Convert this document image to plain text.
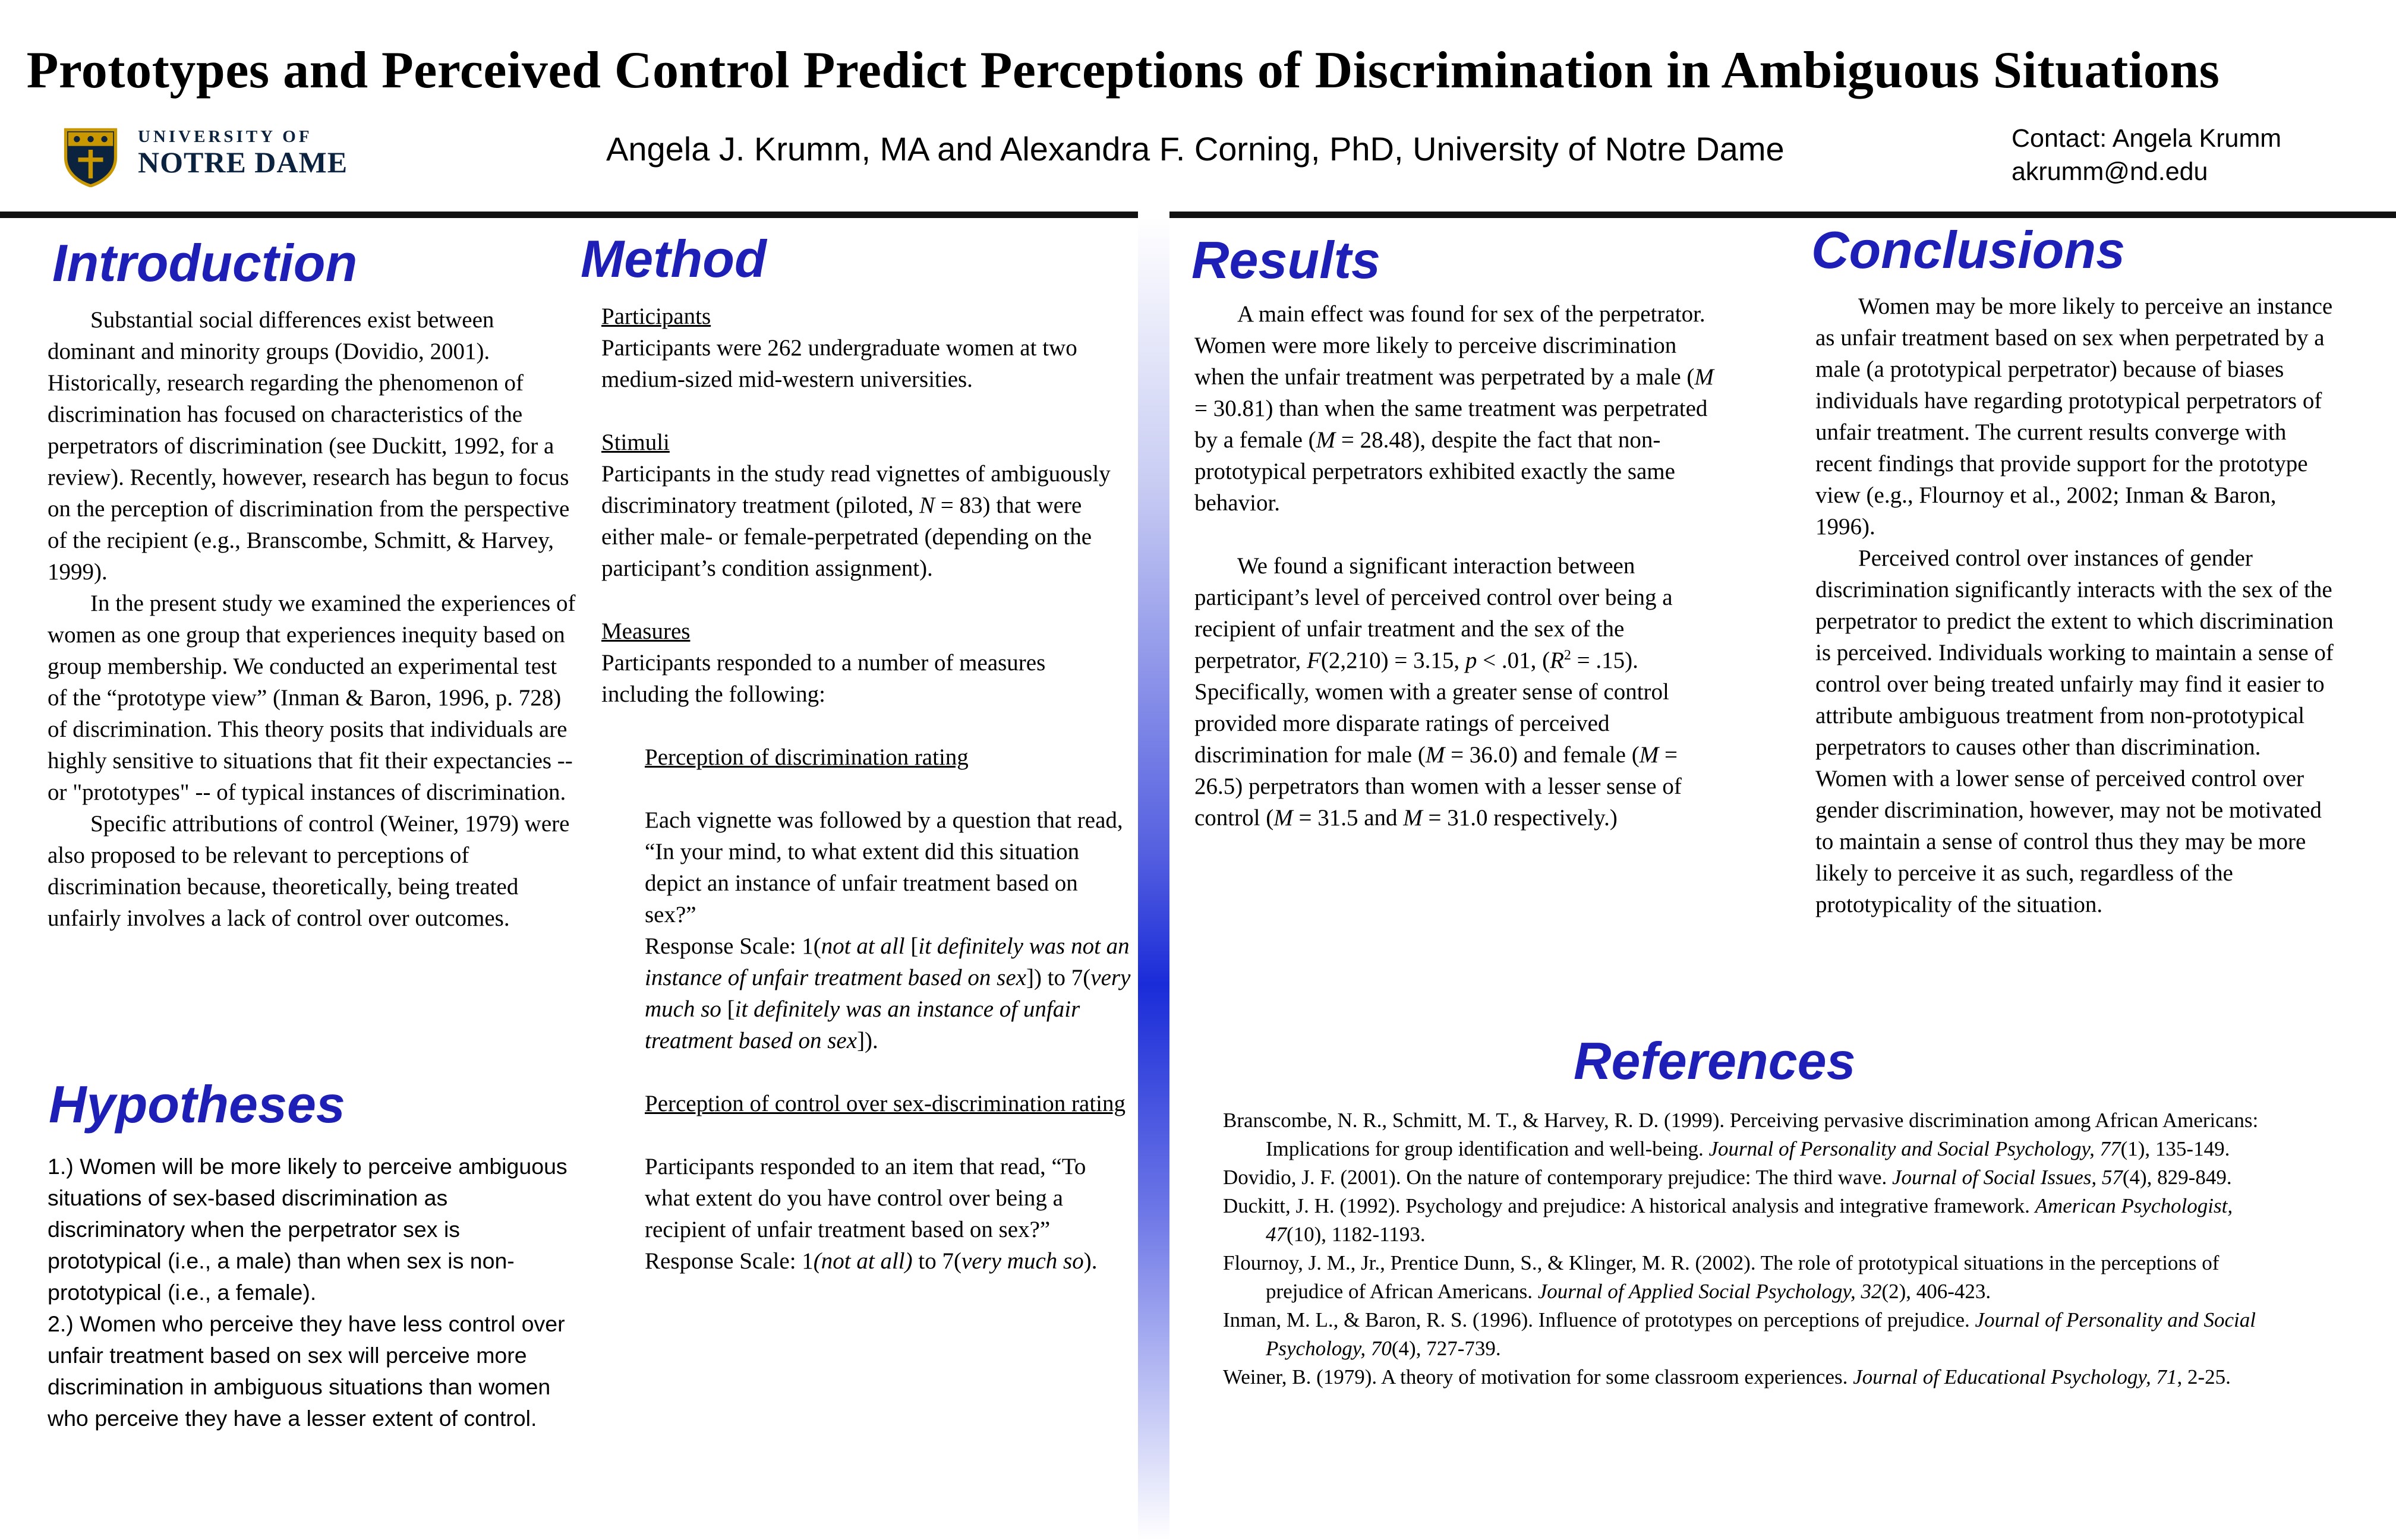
Prototypes and Perceived Control Predict Perceptions of Discrimination in Ambiguous Situations
UNIVERSITY OF
NOTRE DAME	Angela J. Krumm, MA and Alexandra F. Corning, PhD, University of Notre Dame	Contact: Angela Krumm
akrumm@nd.edu
Introduction

Substantial social differences exist between dominant and minority groups (Dovidio, 2001). Historically, research regarding the phenomenon of discrimination has focused on characteristics of the perpetrators of discrimination (see Duckitt, 1992, for a review). Recently, however, research has begun to focus on the perception of discrimination from the perspective of the recipient (e.g., Branscombe, Schmitt, & Harvey, 1999).

In the present study we examined the experiences of women as one group that experiences inequity based on group membership. We conducted an experimental test of the “prototype view” (Inman & Baron, 1996, p. 728) of discrimination. This theory posits that individuals are highly sensitive to situations that fit their expectancies -- or "prototypes" -- of typical instances of discrimination.

Specific attributions of control (Weiner, 1979) were also proposed to be relevant to perceptions of discrimination because, theoretically, being treated unfairly involves a lack of control over outcomes.

Hypotheses

1.) Women will be more likely to perceive ambiguous situations of sex-based discrimination as discriminatory when the perpetrator sex is prototypical (i.e., a male) than when sex is non-prototypical (i.e., a female).

2.) Women who perceive they have less control over unfair treatment based on sex will perceive more discrimination in ambiguous situations than women who perceive they have a lesser extent of control.

Method

Participants

Participants were 262 undergraduate women at two medium-sized mid-western universities.

Stimuli

Participants in the study read vignettes of ambiguously discriminatory treatment (piloted, N = 83) that were either male- or female-perpetrated (depending on the participant’s condition assignment).

Measures

Participants responded to a number of measures including the following:

Perception of discrimination rating

Each vignette was followed by a question that read, “In your mind, to what extent did this situation depict an instance of unfair treatment based on sex?”

Response Scale: 1(not at all [it definitely was not an instance of unfair treatment based on sex]) to 7(very much so [it definitely was an instance of unfair treatment based on sex]).

Perception of control over sex-discrimination rating

Participants responded to an item that read, “To what extent do you have control over being a recipient of unfair treatment based on sex?”

Response Scale: 1(not at all) to 7(very much so).

Results

A main effect was found for sex of the perpetrator. Women were more likely to perceive discrimination when the unfair treatment was perpetrated by a male (M = 30.81) than when the same treatment was perpetrated by a female (M = 28.48), despite the fact that non-prototypical perpetrators exhibited exactly the same behavior.

We found a significant interaction between participant’s level of perceived control over being a recipient of unfair treatment and the sex of the perpetrator, F(2,210) = 3.15, p < .01, $(R^2 = .15)$. Specifically, women with a greater sense of control provided more disparate ratings of perceived discrimination for male (M = 36.0) and female (M = 26.5) perpetrators than women with a lesser sense of control (M = 31.5 and M = 31.0 respectively.)

Conclusions

Women may be more likely to perceive an instance as unfair treatment based on sex when perpetrated by a male (a prototypical perpetrator) because of biases individuals have regarding prototypical perpetrators of unfair treatment. The current results converge with recent findings that provide support for the prototype view (e.g., Flournoy et al., 2002; Inman & Baron, 1996).

Perceived control over instances of gender discrimination significantly interacts with the sex of the perpetrator to predict the extent to which discrimination is perceived. Individuals working to maintain a sense of control over being treated unfairly may find it easier to attribute ambiguous treatment from non-prototypical perpetrators to causes other than discrimination. Women with a lower sense of perceived control over gender discrimination, however, may not be motivated to maintain a sense of control thus they may be more likely to perceive it as such, regardless of the prototypicality of the situation.

References

Branscombe, N. R., Schmitt, M. T., & Harvey, R. D. (1999). Perceiving pervasive discrimination among African Americans: Implications for group identification and well-being. Journal of Personality and Social Psychology, 77(1), 135-149.

Dovidio, J. F. (2001). On the nature of contemporary prejudice: The third wave. Journal of Social Issues, 57(4), 829-849.

Duckitt, J. H. (1992). Psychology and prejudice: A historical analysis and integrative framework. American Psychologist, 47(10), 1182-1193.

Flournoy, J. M., Jr., Prentice Dunn, S., & Klinger, M. R. (2002). The role of prototypical situations in the perceptions of prejudice of African Americans. Journal of Applied Social Psychology, 32(2), 406-423.

Inman, M. L., & Baron, R. S. (1996). Influence of prototypes on perceptions of prejudice. Journal of Personality and Social Psychology, 70(4), 727-739.

Weiner, B. (1979). A theory of motivation for some classroom experiences. Journal of Educational Psychology, 71, 2-25.
